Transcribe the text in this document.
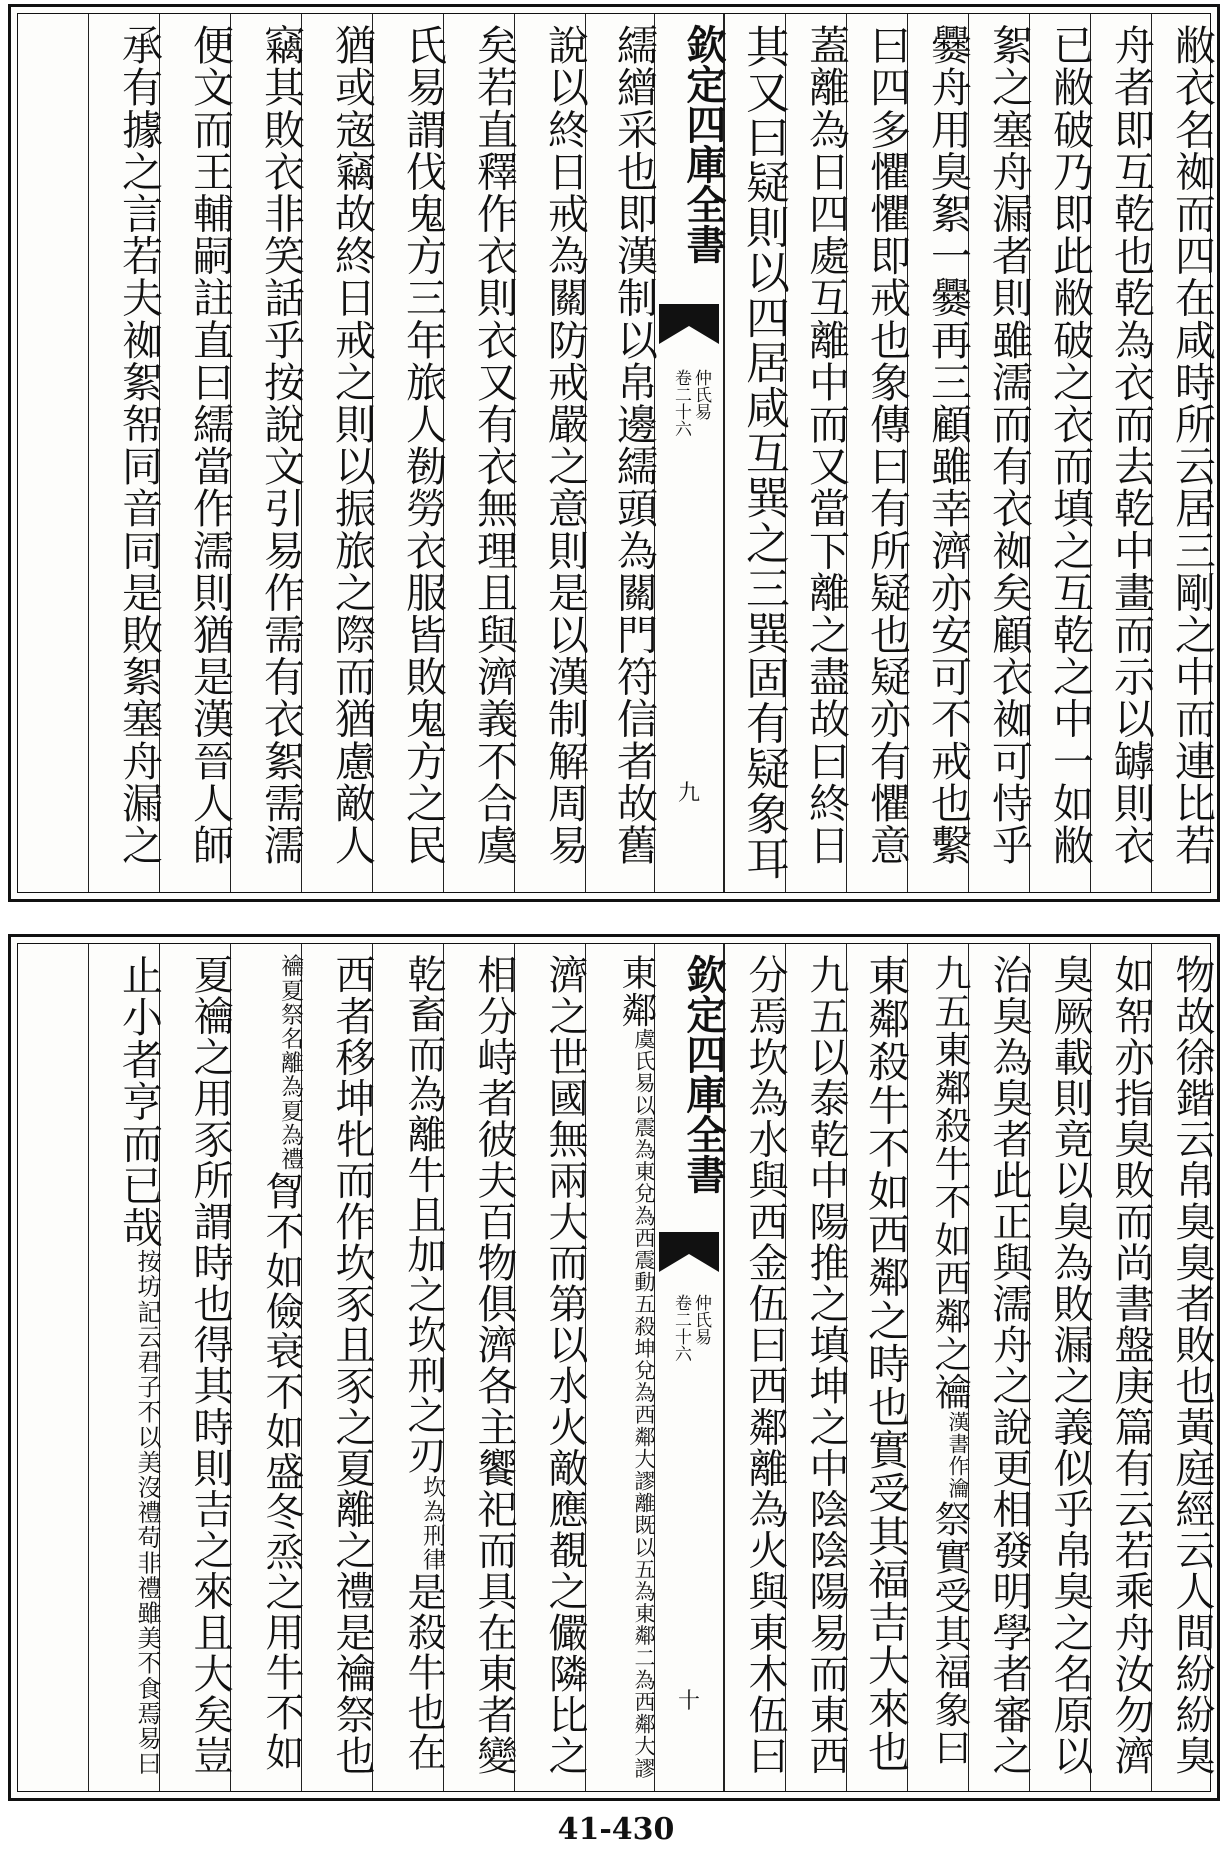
敝衣名袽而四在咸時所云居三剛之中而連比若
舟者即互乾也乾為衣而去乾中畫而示以罅則衣
已敝破乃即此敝破之衣而填之互乾之中一如敝
絮之塞舟漏者則雖濡而有衣袽矣顧衣袽可恃乎
爨舟用臭絮一爨再三顧雖幸濟亦安可不戒也繫
曰四多懼懼即戒也象傳曰有所疑也疑亦有懼意
蓋離為日四處互離中而又當下離之盡故曰終日
其又曰疑則以四居咸互巽之三巽固有疑象耳
欽定四庫全書
仲氏易
卷二十六
九
繻繒采也即漢制以帛邊繻頭為關門符信者故舊
說以終日戒為關防戒嚴之意則是以漢制解周易
矣若直釋作衣則衣又有衣無理且與濟義不合虞
氏易謂伐鬼方三年旅人勌勞衣服皆敗鬼方之民
猶或宼竊故終日戒之則以振旅之際而猶慮敵人
竊其敗衣非笑話乎按說文引易作需有衣絮需濡
便文而王輔嗣註直曰繻當作濡則猶是漢晉人師
承有據之言若夫袽絮帤同音同是敗絮塞舟漏之
物故徐鍇云帛臭臭者敗也黃庭經云人間紛紛臭
如帤亦指臭敗而尚書盤庚篇有云若乘舟汝勿濟
臭厥載則竟以臭為敗漏之義似乎帛臭之名原以
治臭為臭者此正與濡舟之說更相發明學者審之
九五東鄰殺牛不如西鄰之禴
漢書作瀹
祭實受其福象曰
東鄰殺牛不如西鄰之時也實受其福吉大來也
九五以泰乾中陽推之填坤之中陰陰陽易而東西
分焉坎為水與西金伍曰西鄰離為火與東木伍曰
欽定四庫全書
仲氏易
卷二十六
十
東鄰
虞氏易以震為東兌為西震動五殺坤兌為西鄰大謬離既以五為東鄰二為西鄰大謬
濟之世國無兩大而第以水火敵應覩之儼隣比之
相分峙者彼夫百物俱濟各主饗祀而具在東者變
乾畜而為離牛且加之坎刑之刃
坎為刑律
是殺牛也在
西者移坤牝而作坎豕且豕之夏離之禮是禴祭也
禴夏祭名離為夏為禮
胷不如儉衰不如盛冬烝之用牛不如
夏禴之用豕所謂時也得其時則吉之來且大矣豈
止小者亨而已哉
按坊記云君子不以美沒禮苟非禮雖美不食焉易曰
41-430
